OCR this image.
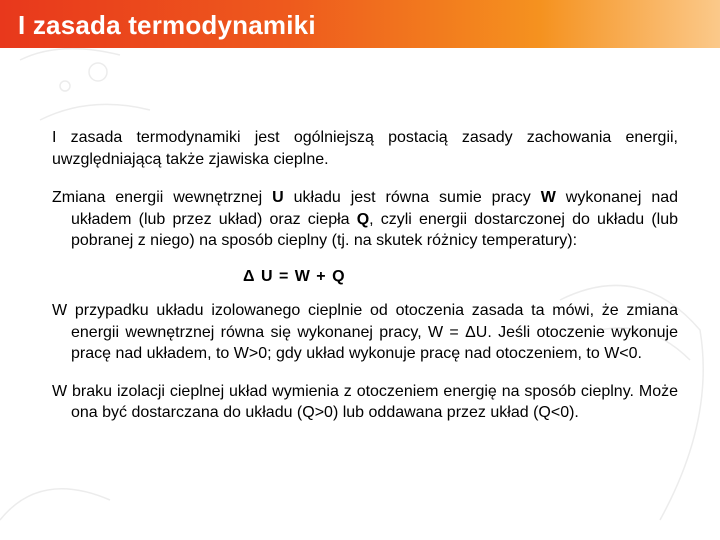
I zasada termodynamiki

I zasada termodynamiki jest ogólniejszą postacią zasady zachowania energii, uwzględniającą także zjawiska cieplne.

Zmiana energii wewnętrznej U układu jest równa sumie pracy W wykonanej nad układem (lub przez układ) oraz ciepła Q, czyli energii dostarczonej do układu (lub pobranej z niego) na sposób cieplny (tj. na skutek różnicy temperatury):

Δ U = W + Q

W przypadku układu izolowanego cieplnie od otoczenia zasada ta mówi, że zmiana energii wewnętrznej równa się wykonanej pracy, W = ΔU. Jeśli otoczenie wykonuje pracę nad układem, to W>0; gdy układ wykonuje pracę nad otoczeniem, to W<0.

W braku izolacji cieplnej układ wymienia z otoczeniem energię na sposób cieplny. Może ona być dostarczana do układu (Q>0) lub oddawana przez układ (Q<0).
